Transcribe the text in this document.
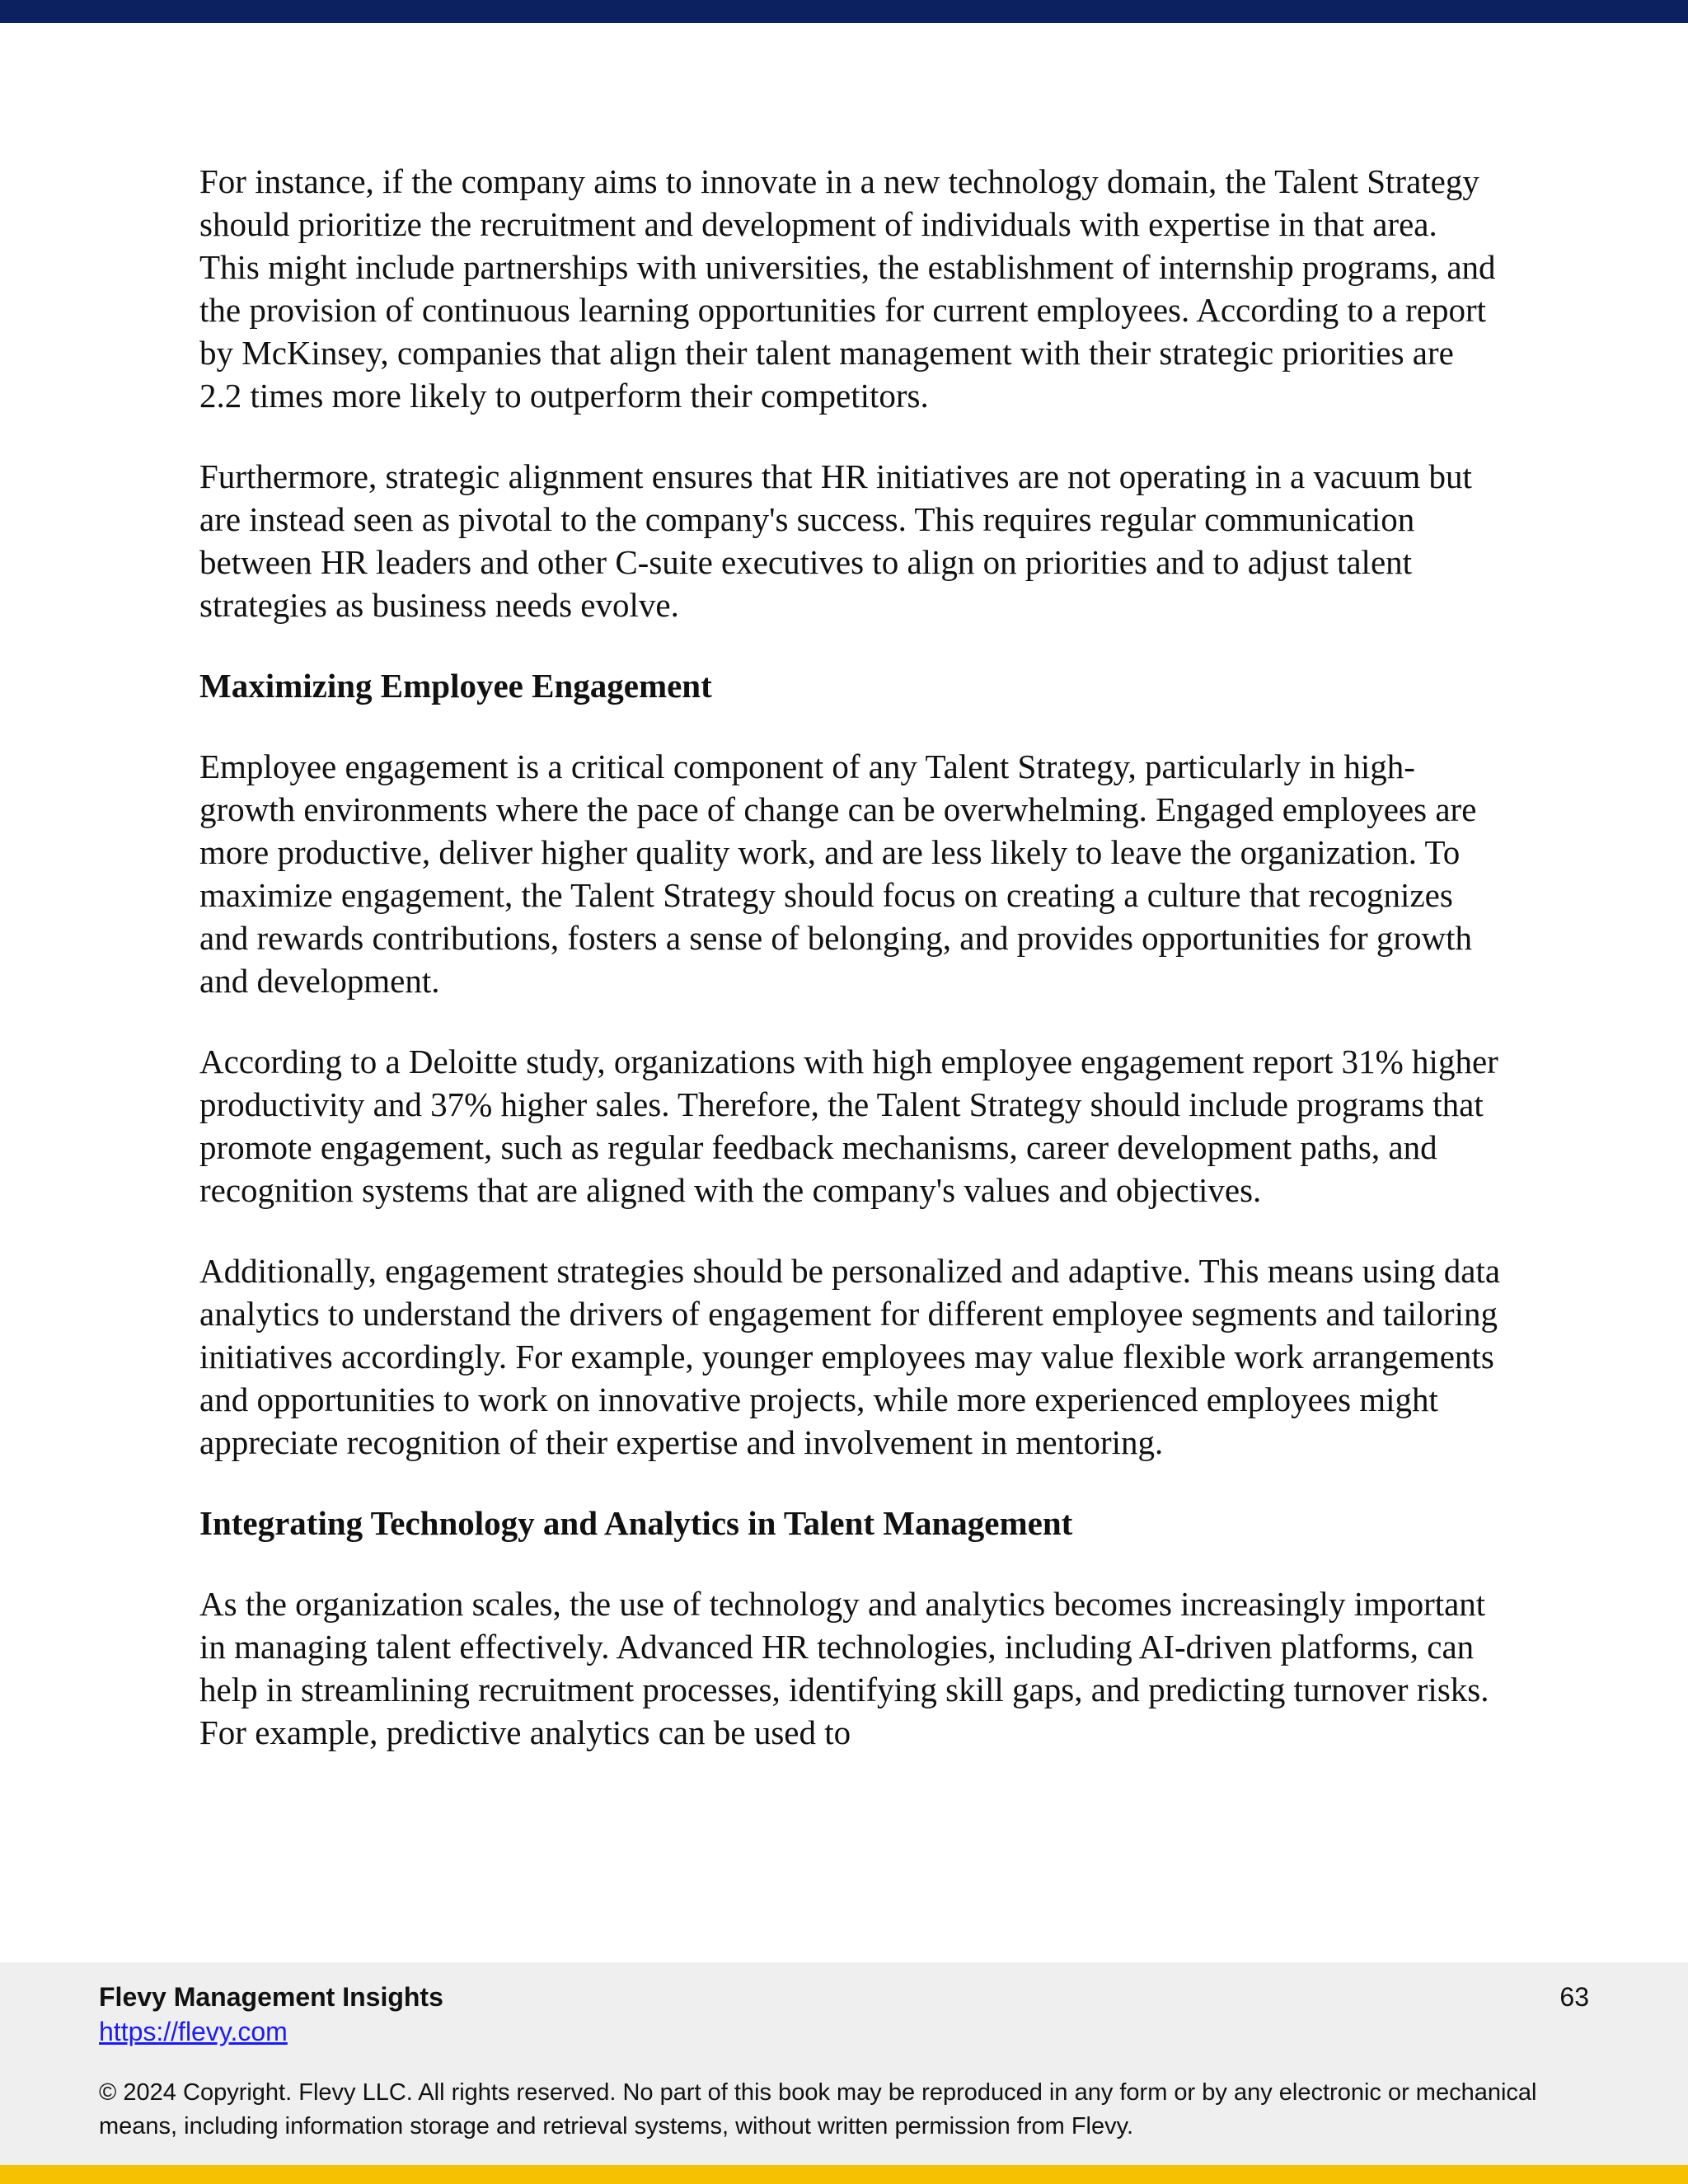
For instance, if the company aims to innovate in a new technology domain, the Talent Strategy should prioritize the recruitment and development of individuals with expertise in that area. This might include partnerships with universities, the establishment of internship programs, and the provision of continuous learning opportunities for current employees. According to a report by McKinsey, companies that align their talent management with their strategic priorities are 2.2 times more likely to outperform their competitors.

Furthermore, strategic alignment ensures that HR initiatives are not operating in a vacuum but are instead seen as pivotal to the company's success. This requires regular communication between HR leaders and other C-suite executives to align on priorities and to adjust talent strategies as business needs evolve.

Maximizing Employee Engagement

Employee engagement is a critical component of any Talent Strategy, particularly in high-growth environments where the pace of change can be overwhelming. Engaged employees are more productive, deliver higher quality work, and are less likely to leave the organization. To maximize engagement, the Talent Strategy should focus on creating a culture that recognizes and rewards contributions, fosters a sense of belonging, and provides opportunities for growth and development.

According to a Deloitte study, organizations with high employee engagement report 31% higher productivity and 37% higher sales. Therefore, the Talent Strategy should include programs that promote engagement, such as regular feedback mechanisms, career development paths, and recognition systems that are aligned with the company's values and objectives.

Additionally, engagement strategies should be personalized and adaptive. This means using data analytics to understand the drivers of engagement for different employee segments and tailoring initiatives accordingly. For example, younger employees may value flexible work arrangements and opportunities to work on innovative projects, while more experienced employees might appreciate recognition of their expertise and involvement in mentoring.

Integrating Technology and Analytics in Talent Management

As the organization scales, the use of technology and analytics becomes increasingly important in managing talent effectively. Advanced HR technologies, including AI-driven platforms, can help in streamlining recruitment processes, identifying skill gaps, and predicting turnover risks. For example, predictive analytics can be used to

Flevy Management Insights
https://flevy.com
63
© 2024 Copyright. Flevy LLC. All rights reserved. No part of this book may be reproduced in any form or by any electronic or mechanical means, including information storage and retrieval systems, without written permission from Flevy.
